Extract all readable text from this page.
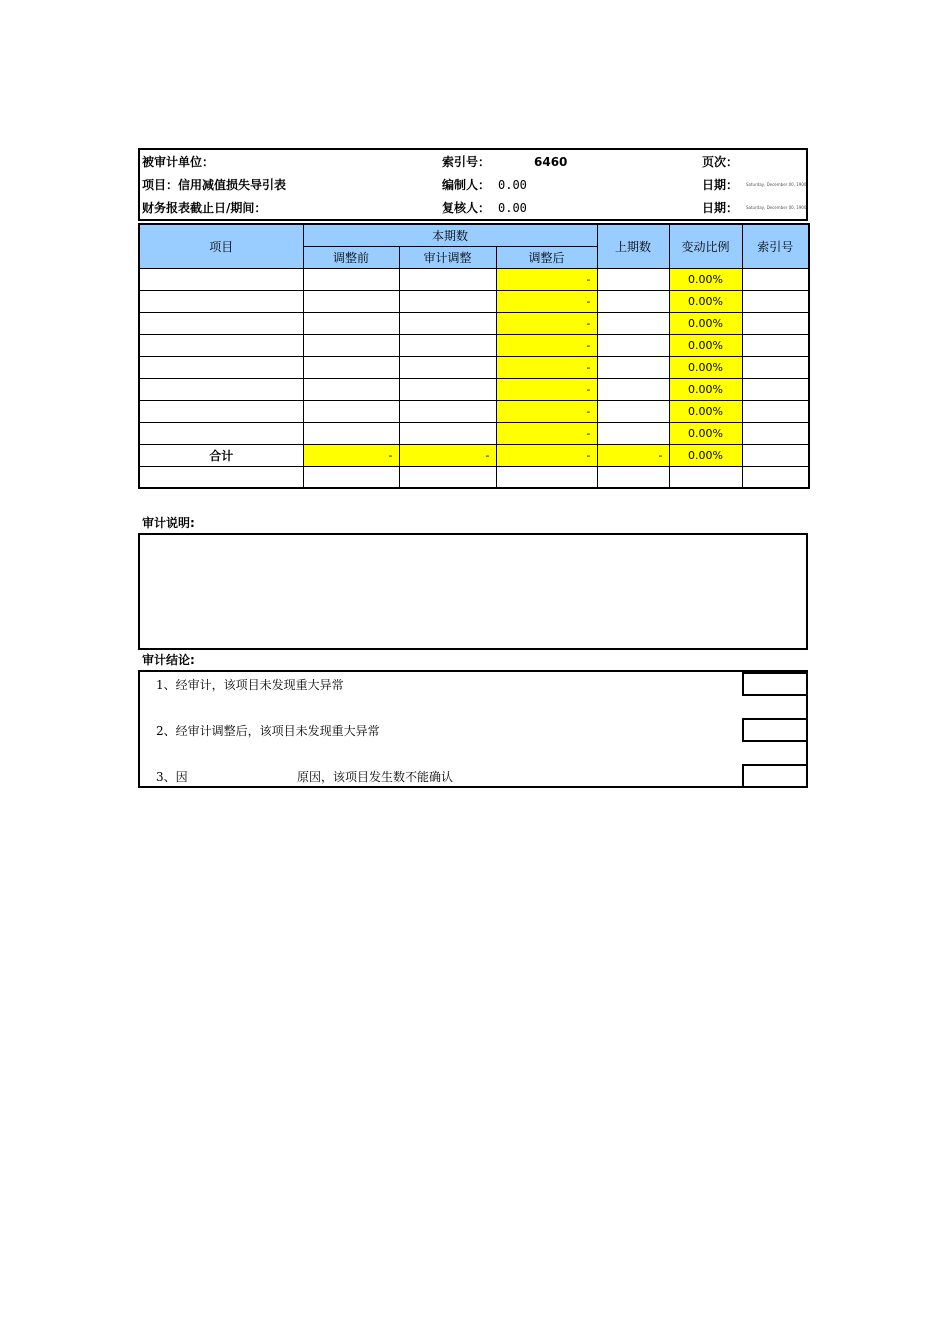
被审计单位：	索引号：	6460	页次：
项目：信用减值损失导引表	编制人： 0.00	日期： Saturday, December 00, 1900
财务报表截止日/期间：	复核人： 0.00	日期： Saturday, December 00, 1900
项目	本期数			上期数	变动比例	索引号
	调整前	审计调整	调整后			
			-		0.00%	
			-		0.00%	
			-		0.00%	
			-		0.00%	
			-		0.00%	
			-		0.00%	
			-		0.00%	
			-		0.00%	
合计	-	-	-	-	0.00%	

审计说明:
审计结论:
1、经审计，该项目未发现重大异常
2、经审计调整后，该项目未发现重大异常
3、因	原因，该项目发生数不能确认
